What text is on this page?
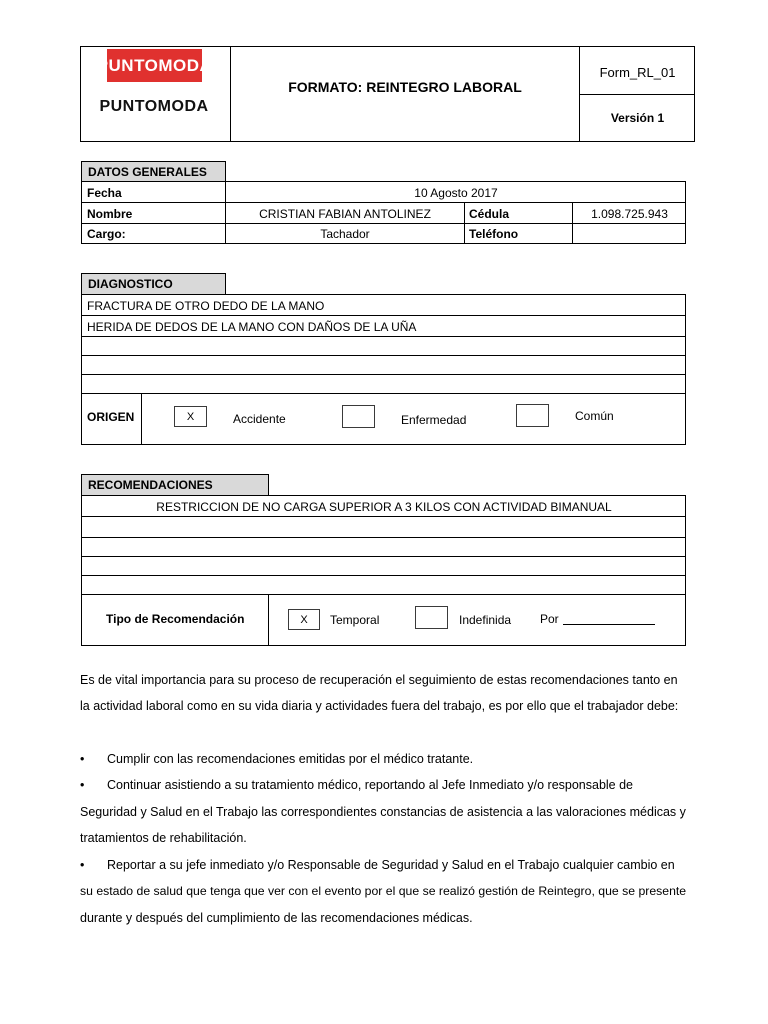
PUNTOMODA
PUNTOMODA
FORMATO: REINTEGRO LABORAL
Form_RL_01
Versión 1
DATOS GENERALES
Fecha	10 Agosto 2017
Nombre	CRISTIAN FABIAN ANTOLINEZ	Cédula	1.098.725.943
Cargo:	Tachador	Teléfono
DIAGNOSTICO
FRACTURA DE OTRO DEDO DE LA MANO
HERIDA DE DEDOS DE LA MANO CON DAÑOS DE LA UÑA
ORIGEN	X	Accidente	Enfermedad	Común
RECOMENDACIONES
RESTRICCION DE NO CARGA SUPERIOR A 3 KILOS CON ACTIVIDAD BIMANUAL
Tipo de Recomendación	X Temporal	Indefinida	Por
Es de vital importancia para su proceso de recuperación el seguimiento de estas recomendaciones tanto en
la actividad laboral como en su vida diaria y actividades fuera del trabajo, es por ello que el trabajador debe:
•	Cumplir con las recomendaciones emitidas por el médico tratante.
•	Continuar asistiendo a su tratamiento médico, reportando al Jefe Inmediato y/o responsable de
Seguridad y Salud en el Trabajo las correspondientes constancias de asistencia a las valoraciones médicas y
tratamientos de rehabilitación.
•	Reportar a su jefe inmediato y/o Responsable de Seguridad y Salud en el Trabajo cualquier cambio en
su estado de salud que tenga que ver con el evento por el que se realizó gestión de Reintegro, que se presente
durante y después del cumplimiento de las recomendaciones médicas.
